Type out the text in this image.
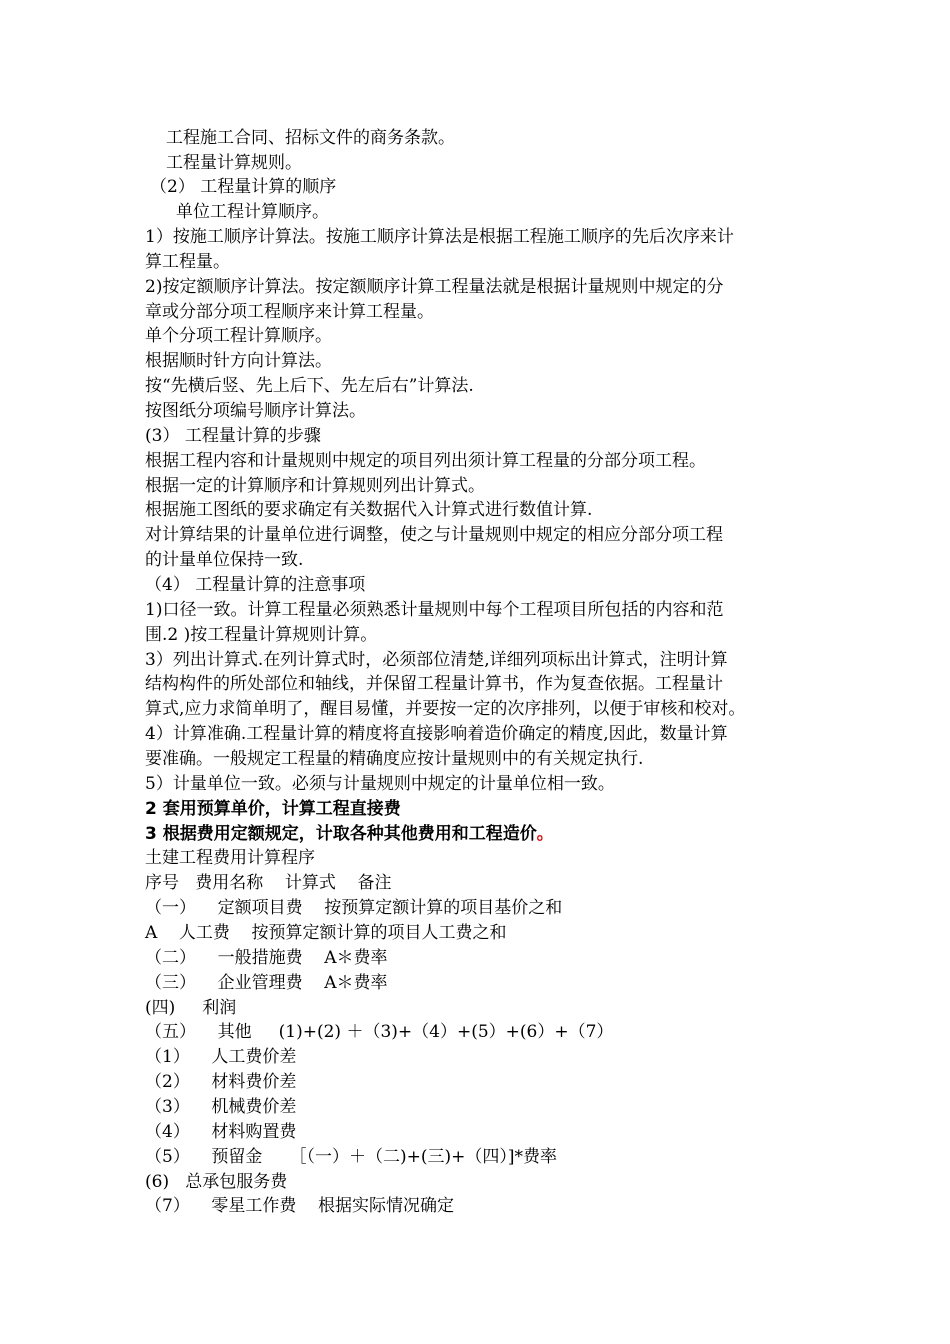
工程施工合同、招标文件的商务条款。
工程量计算规则。
（2） 工程量计算的顺序
单位工程计算顺序。
1）按施工顺序计算法。按施工顺序计算法是根据工程施工顺序的先后次序来计
算工程量。
2)按定额顺序计算法。按定额顺序计算工程量法就是根据计量规则中规定的分
章或分部分项工程顺序来计算工程量。
单个分项工程计算顺序。
根据顺时针方向计算法。
按“先横后竖、先上后下、先左后右”计算法.
按图纸分项编号顺序计算法。
(3） 工程量计算的步骤
根据工程内容和计量规则中规定的项目列出须计算工程量的分部分项工程。
根据一定的计算顺序和计算规则列出计算式。
根据施工图纸的要求确定有关数据代入计算式进行数值计算.
对计算结果的计量单位进行调整，使之与计量规则中规定的相应分部分项工程
的计量单位保持一致.
（4） 工程量计算的注意事项
1)口径一致。计算工程量必须熟悉计量规则中每个工程项目所包括的内容和范
围.2 )按工程量计算规则计算。
3）列出计算式.在列计算式时，必须部位清楚,详细列项标出计算式，注明计算
结构构件的所处部位和轴线，并保留工程量计算书，作为复查依据。工程量计
算式,应力求简单明了，醒目易懂，并要按一定的次序排列，以便于审核和校对。
4）计算准确.工程量计算的精度将直接影响着造价确定的精度,因此，数量计算
要准确。一般规定工程量的精确度应按计量规则中的有关规定执行.
5）计量单位一致。必须与计量规则中规定的计量单位相一致。
2 套用预算单价，计算工程直接费
3 根据费用定额规定，计取各种其他费用和工程造价。
土建工程费用计算程序
序号   费用名称    计算式    备注
（一）    定额项目费    按预算定额计算的项目基价之和
A    人工费    按预算定额计算的项目人工费之和
（二）    一般措施费    A＊费率
（三）    企业管理费    A＊费率
(四)     利润
（五）    其他     (1)+(2) ＋（3)+（4）+(5）+(6）+（7）
（1）    人工费价差
（2）    材料费价差
（3）    机械费价差
（4）    材料购置费
（5）    预留金     ［（一）＋（二)+(三)+（四）]*费率
(6)   总承包服务费
（7）    零星工作费    根据实际情况确定
